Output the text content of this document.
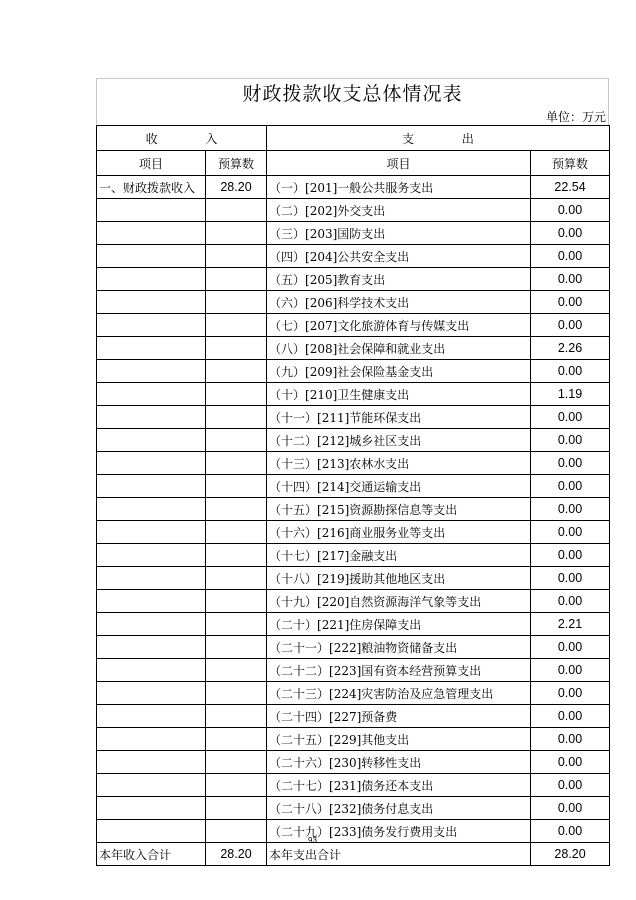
财政拨款收支总体情况表
单位：万元
收 入		支 出	
项目	预算数	项目	预算数
一、财政拨款收入	28.20	（一）[201]一般公共服务支出	22.54
		（二）[202]外交支出	0.00
		（三）[203]国防支出	0.00
		（四）[204]公共安全支出	0.00
		（五）[205]教育支出	0.00
		（六）[206]科学技术支出	0.00
		（七）[207]文化旅游体育与传媒支出	0.00
		（八）[208]社会保障和就业支出	2.26
		（九）[209]社会保险基金支出	0.00
		（十）[210]卫生健康支出	1.19
		（十一）[211]节能环保支出	0.00
		（十二）[212]城乡社区支出	0.00
		（十三）[213]农林水支出	0.00
		（十四）[214]交通运输支出	0.00
		（十五）[215]资源勘探信息等支出	0.00
		（十六）[216]商业服务业等支出	0.00
		（十七）[217]金融支出	0.00
		（十八）[219]援助其他地区支出	0.00
		（十九）[220]自然资源海洋气象等支出	0.00
		（二十）[221]住房保障支出	2.21
		（二十一）[222]粮油物资储备支出	0.00
		（二十二）[223]国有资本经营预算支出	0.00
		（二十三）[224]灾害防治及应急管理支出	0.00
		（二十四）[227]预备费	0.00
		（二十五）[229]其他支出	0.00
		（二十六）[230]转移性支出	0.00
		（二十七）[231]债务还本支出	0.00
		（二十八）[232]债务付息支出	0.00
		（二十九）[233]债务发行费用支出	0.00
本年收入合计	28.20	本年支出合计	28.20
93
